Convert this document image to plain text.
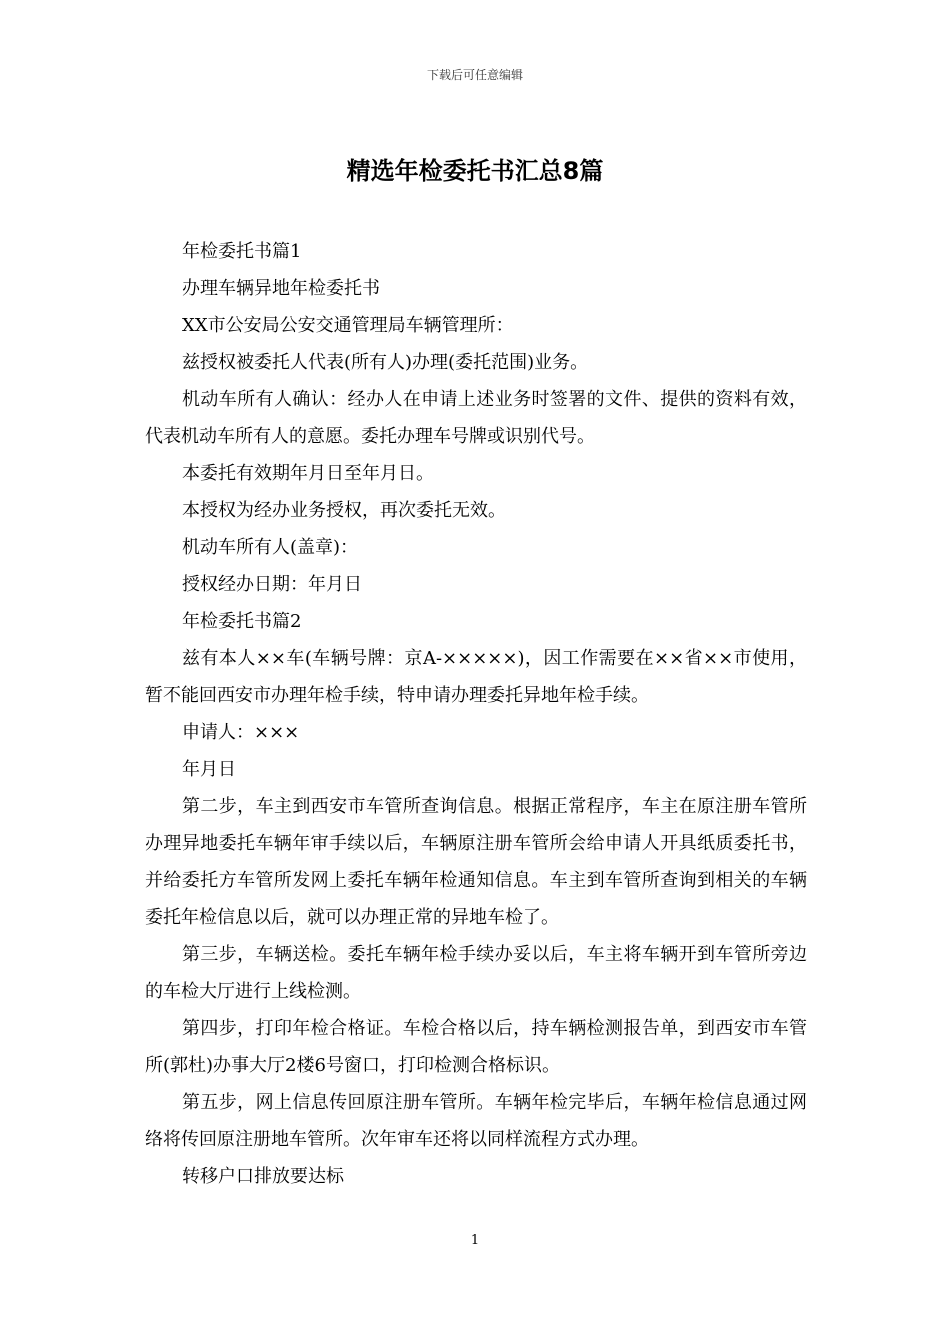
下载后可任意编辑
精选年检委托书汇总8篇

年检委托书篇1

办理车辆异地年检委托书

XX市公安局公安交通管理局车辆管理所：

兹授权被委托人代表(所有人)办理(委托范围)业务。

机动车所有人确认：经办人在申请上述业务时签署的文件、提供的资料有效，代表机动车所有人的意愿。委托办理车号牌或识别代号。

本委托有效期年月日至年月日。

本授权为经办业务授权，再次委托无效。

机动车所有人(盖章)：

授权经办日期：年月日

年检委托书篇2

兹有本人××车(车辆号牌：京A-×××××)，因工作需要在××省××市使用，暂不能回西安市办理年检手续，特申请办理委托异地年检手续。

申请人：×××

年月日

第二步，车主到西安市车管所查询信息。根据正常程序，车主在原注册车管所办理异地委托车辆年审手续以后，车辆原注册车管所会给申请人开具纸质委托书，并给委托方车管所发网上委托车辆年检通知信息。车主到车管所查询到相关的车辆委托年检信息以后，就可以办理正常的异地车检了。

第三步，车辆送检。委托车辆年检手续办妥以后，车主将车辆开到车管所旁边的车检大厅进行上线检测。

第四步，打印年检合格证。车检合格以后，持车辆检测报告单，到西安市车管所(郭杜)办事大厅2楼6号窗口，打印检测合格标识。

第五步，网上信息传回原注册车管所。车辆年检完毕后，车辆年检信息通过网络将传回原注册地车管所。次年审车还将以同样流程方式办理。

转移户口排放要达标

1
